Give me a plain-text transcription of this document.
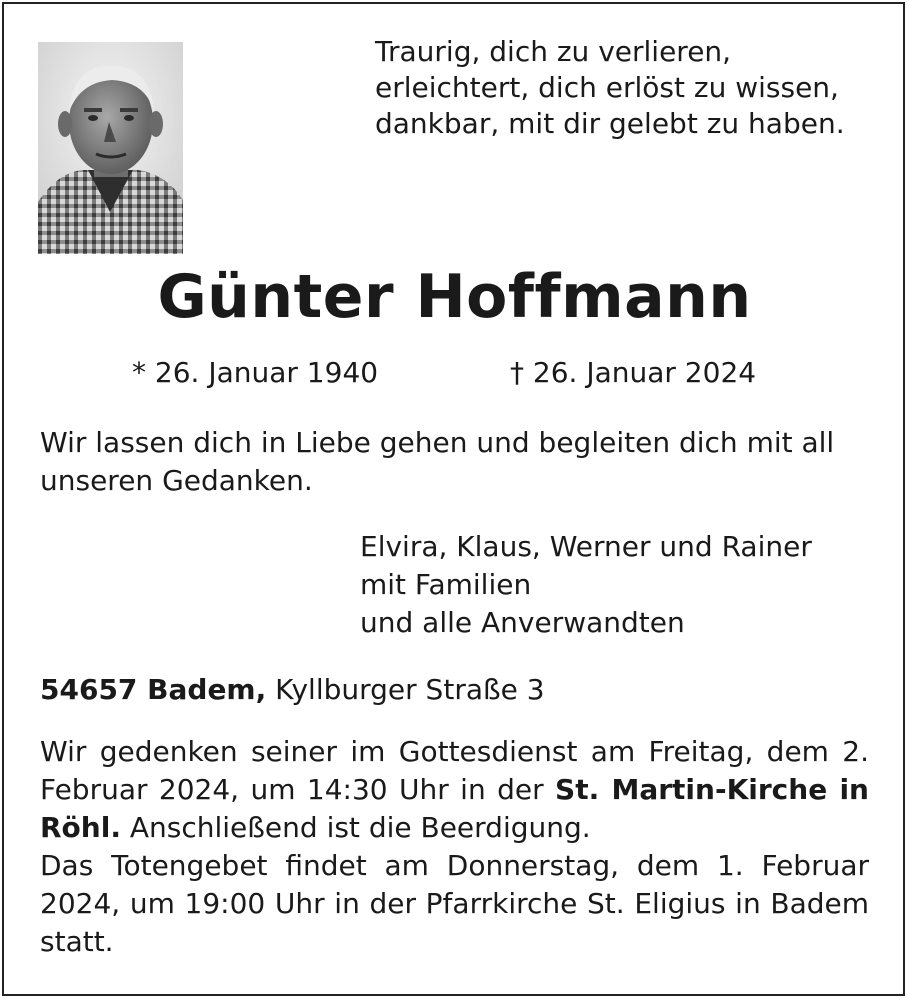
Traurig, dich zu verlieren,
erleichtert, dich erlöst zu wissen,
dankbar, mit dir gelebt zu haben.
Günter Hoffmann
* 26. Januar 1940	† 26. Januar 2024
Wir lassen dich in Liebe gehen und begleiten dich mit all unseren Gedanken.
Elvira, Klaus, Werner und Rainer
mit Familien
und alle Anverwandten
54657 Badem, Kyllburger Straße 3

Wir gedenken seiner im Gottesdienst am Freitag, dem 2. Februar 2024, um 14:30 Uhr in der St. Martin-Kirche in Röhl. Anschließend ist die Beerdigung.

Das Totengebet findet am Donnerstag, dem 1. Februar 2024, um 19:00 Uhr in der Pfarrkirche St. Eligius in Badem statt.
